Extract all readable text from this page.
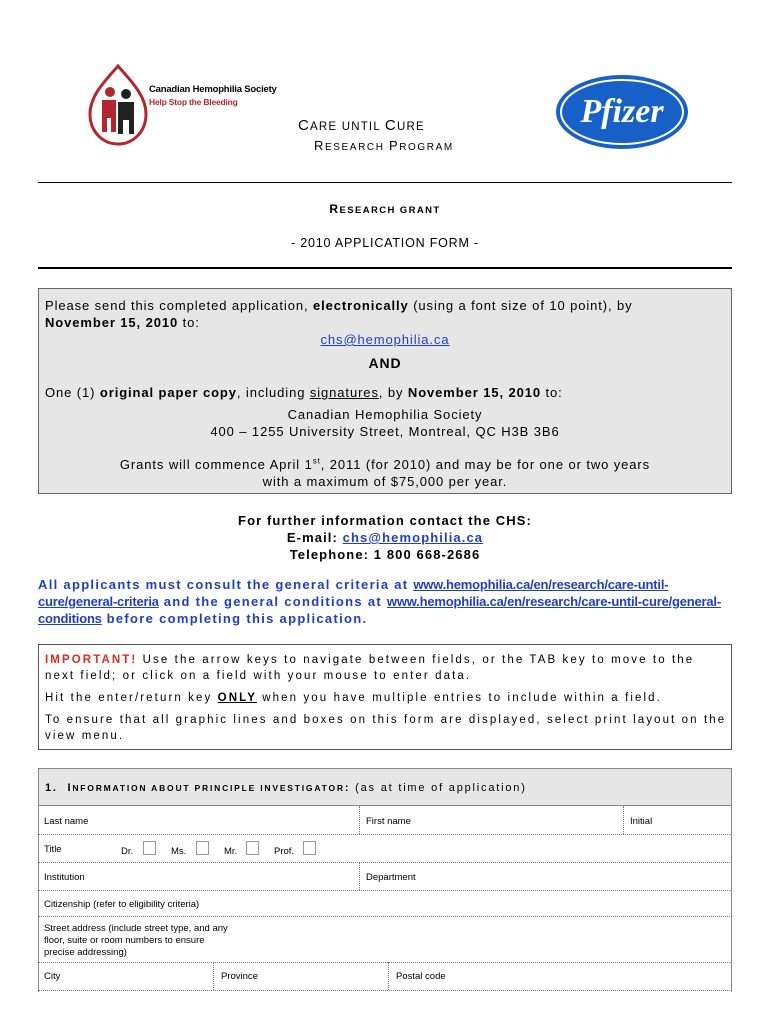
Canadian Hemophilia Society
Help Stop the Bleeding	Pfizer
CARE UNTIL CURE
RESEARCH PROGRAM
RESEARCH GRANT
- 2010 APPLICATION FORM -
Please send this completed application, electronically (using a font size of 10 point), by
November 15, 2010 to:
chs@hemophilia.ca
AND
One (1) original paper copy, including signatures, by November 15, 2010 to:
Canadian Hemophilia Society
400 – 1255 University Street, Montreal, QC H3B 3B6
Grants will commence April 1st, 2011 (for 2010) and may be for one or two years
with a maximum of $75,000 per year.
For further information contact the CHS:
E-mail: chs@hemophilia.ca
Telephone: 1 800 668-2686
All applicants must consult the general criteria at www.hemophilia.ca/en/research/care-until-cure/general-criteria and the general conditions at www.hemophilia.ca/en/research/care-until-cure/general-conditions before completing this application.
IMPORTANT! Use the arrow keys to navigate between fields, or the TAB key to move to the next field; or click on a field with your mouse to enter data.
Hit the enter/return key ONLY when you have multiple entries to include within a field.
To ensure that all graphic lines and boxes on this form are displayed, select print layout on the view menu.
1. INFORMATION ABOUT PRINCIPLE INVESTIGATOR: (as at time of application)
Last name	First name	Initial
Title	Dr.	Ms.	Mr.	Prof.
Institution	Department
Citizenship (refer to eligibility criteria)
Street address (include street type, and any floor, suite or room numbers to ensure precise addressing)
City	Province	Postal code
